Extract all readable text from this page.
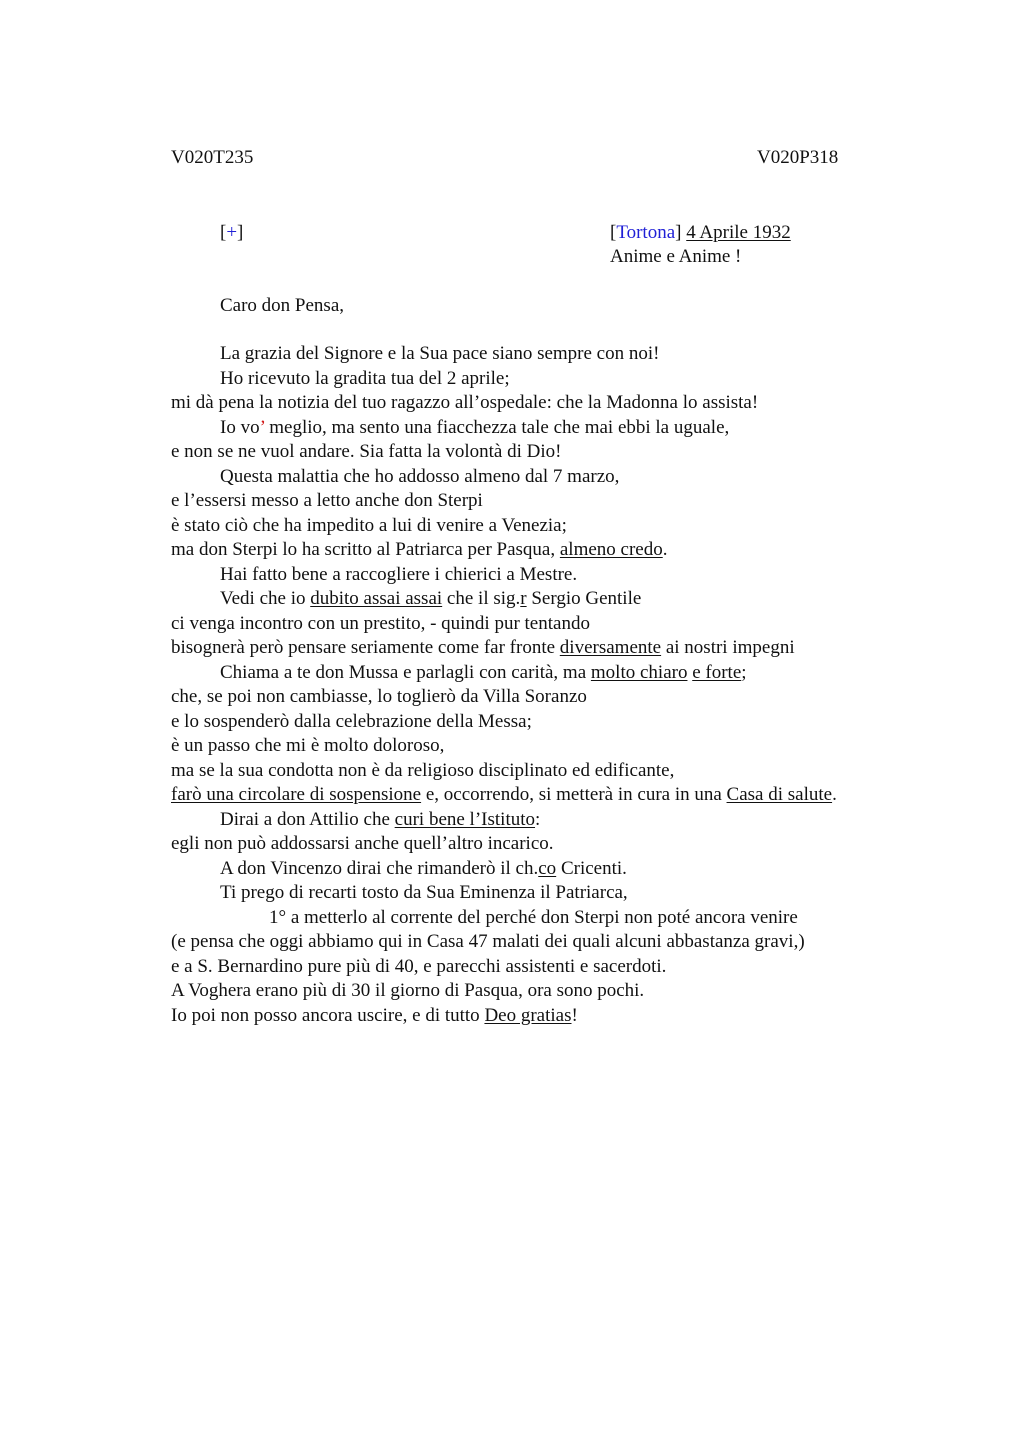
V020T235	V020P318
[+]	[Tortona] 4 Aprile 1932
Anime e Anime !
Caro don Pensa,
La grazia del Signore e la Sua pace siano sempre con noi!
Ho ricevuto la gradita tua del 2 aprile;
mi dà pena la notizia del tuo ragazzo all’ospedale: che la Madonna lo assista!
Io vo’ meglio, ma sento una fiacchezza tale che mai ebbi la uguale,
e non se ne vuol andare. Sia fatta la volontà di Dio!
Questa malattia che ho addosso almeno dal 7 marzo,
e l’essersi messo a letto anche don Sterpi
è stato ciò che ha impedito a lui di venire a Venezia;
ma don Sterpi lo ha scritto al Patriarca per Pasqua, almeno credo.
Hai fatto bene a raccogliere i chierici a Mestre.
Vedi che io dubito assai assai che il sig.r Sergio Gentile
ci venga incontro con un prestito, - quindi pur tentando
bisognerà però pensare seriamente come far fronte diversamente ai nostri impegni
Chiama a te don Mussa e parlagli con carità, ma molto chiaro e forte;
che, se poi non cambiasse, lo toglierò da Villa Soranzo
e lo sospenderò dalla celebrazione della Messa;
è un passo che mi è molto doloroso,
ma se la sua condotta non è da religioso disciplinato ed edificante,
farò una circolare di sospensione e, occorrendo, si metterà in cura in una Casa di salute.
Dirai a don Attilio che curi bene l’Istituto:
egli non può addossarsi anche quell’altro incarico.
A don Vincenzo dirai che rimanderò il ch.co Cricenti.
Ti prego di recarti tosto da Sua Eminenza il Patriarca,
1° a metterlo al corrente del perché don Sterpi non poté ancora venire
(e pensa che oggi abbiamo qui in Casa 47 malati dei quali alcuni abbastanza gravi,)
e a S. Bernardino pure più di 40, e parecchi assistenti e sacerdoti.
A Voghera erano più di 30 il giorno di Pasqua, ora sono pochi.
Io poi non posso ancora uscire, e di tutto Deo gratias!
